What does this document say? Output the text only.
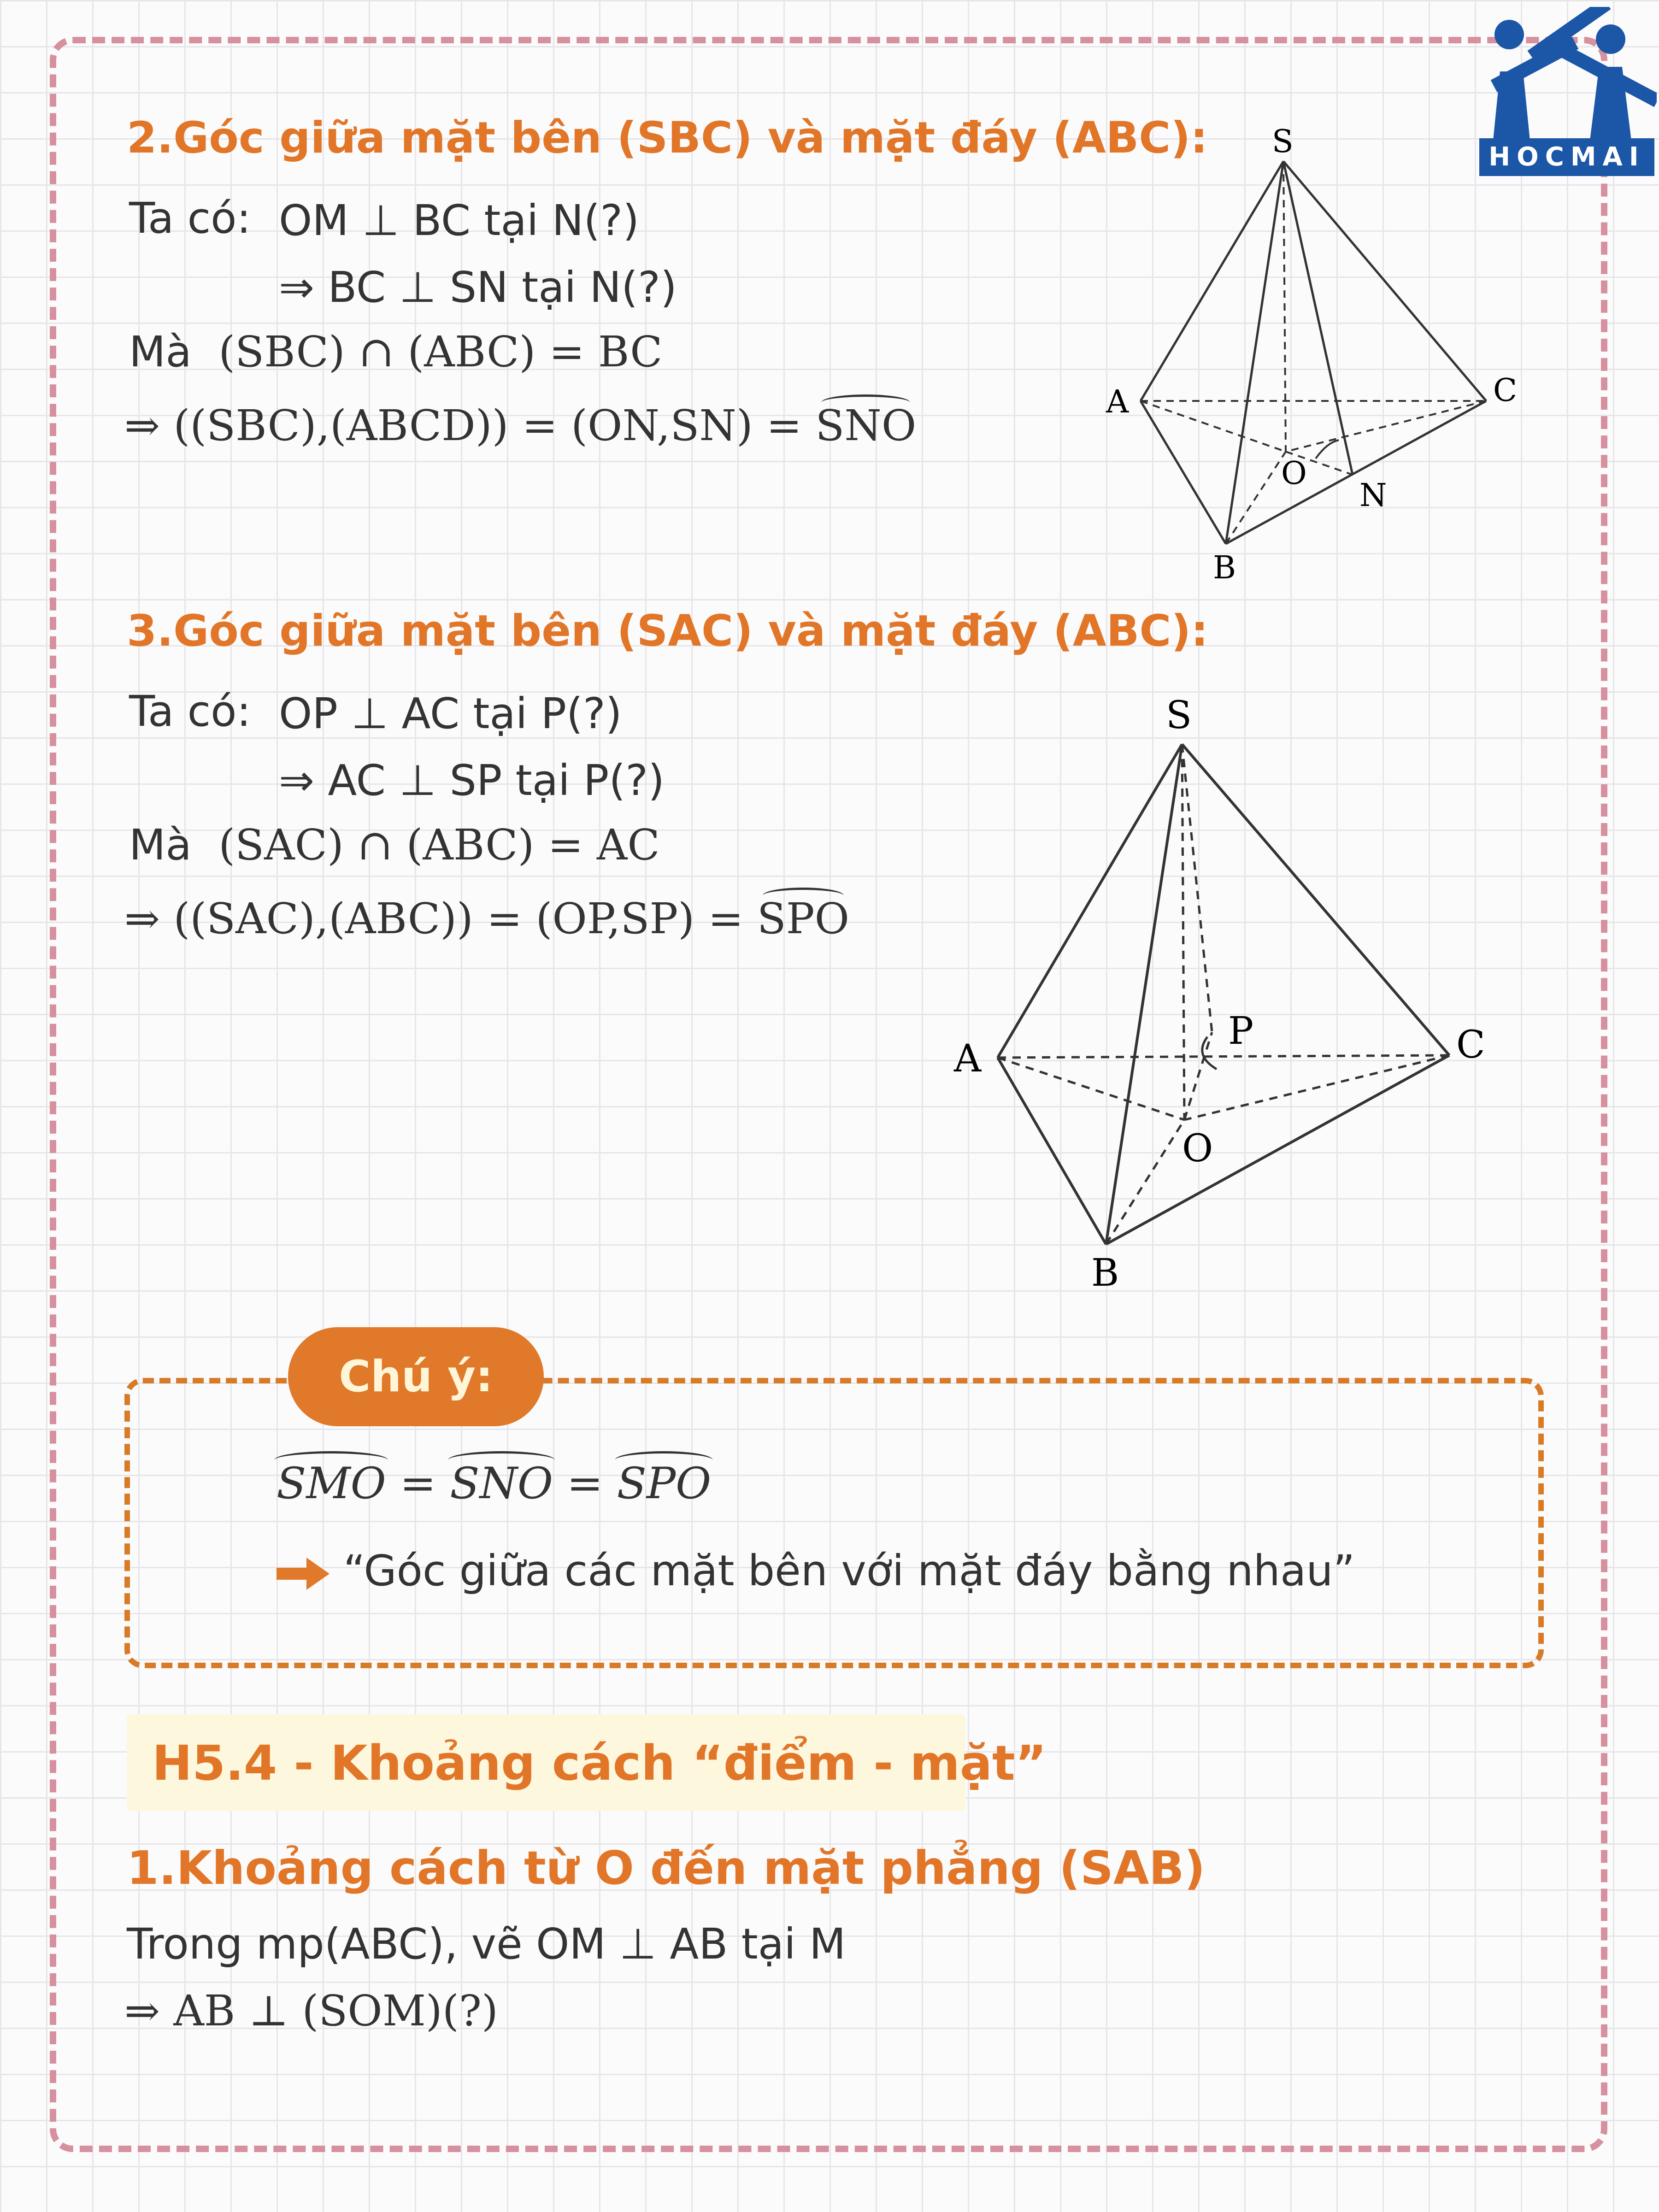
HOCMAI
2.Góc giữa mặt bên (SBC) và mặt đáy (ABC):
Ta có: OM ⊥ BC tại N(?)
⇒ BC ⊥ SN tại N(?)
Mà (SBC) ∩ (ABC) = BC
⇒ ((SBC),(ABCD)) = (ON,SN) = SNO
S
A	C
O
N
B
3.Góc giữa mặt bên (SAC) và mặt đáy (ABC):
Ta có: OP ⊥ AC tại P(?)
⇒ AC ⊥ SP tại P(?)
Mà (SAC) ∩ (ABC) = AC
⇒ ((SAC),(ABC)) = (OP,SP) = SPO
S
P
A	C
O
B
Chú ý:
SMO = SNO = SPO
“Góc giữa các mặt bên với mặt đáy bằng nhau”
H5.4 - Khoảng cách “điểm - mặt”
1.Khoảng cách từ O đến mặt phẳng (SAB)
Trong mp(ABC), vẽ OM ⊥ AB tại M
⇒ AB ⊥ (SOM)(?)
